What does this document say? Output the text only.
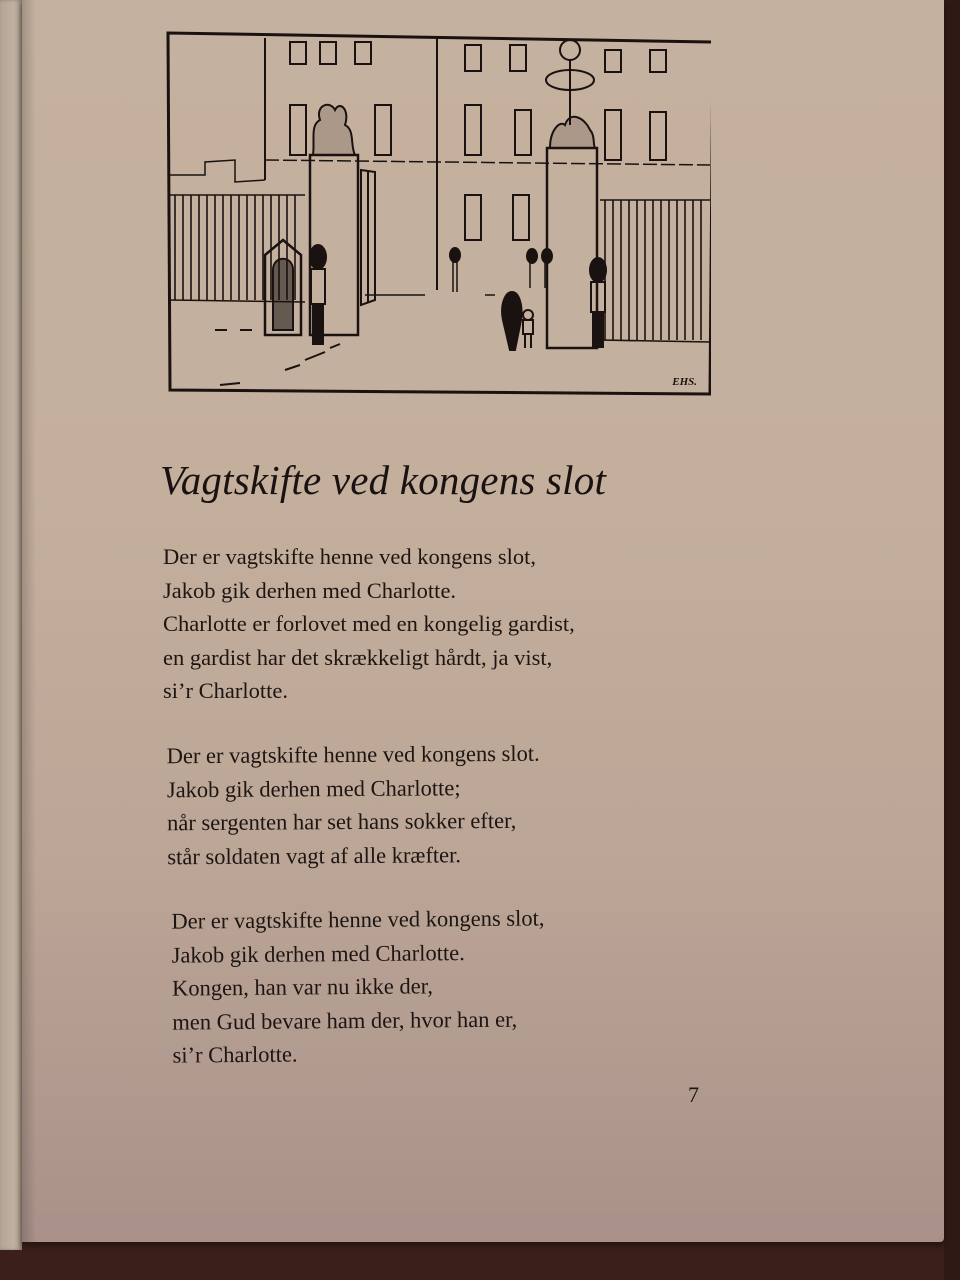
EHS.
Vagtskifte ved kongens slot
Der er vagtskifte henne ved kongens slot,
Jakob gik derhen med Charlotte.
Charlotte er forlovet med en kongelig gardist,
en gardist har det skrækkeligt hårdt, ja vist,
si’r Charlotte.
Der er vagtskifte henne ved kongens slot.
Jakob gik derhen med Charlotte;
når sergenten har set hans sokker efter,
står soldaten vagt af alle kræfter.
Der er vagtskifte henne ved kongens slot,
Jakob gik derhen med Charlotte.
Kongen, han var nu ikke der,
men Gud bevare ham der, hvor han er,
si’r Charlotte.
7
